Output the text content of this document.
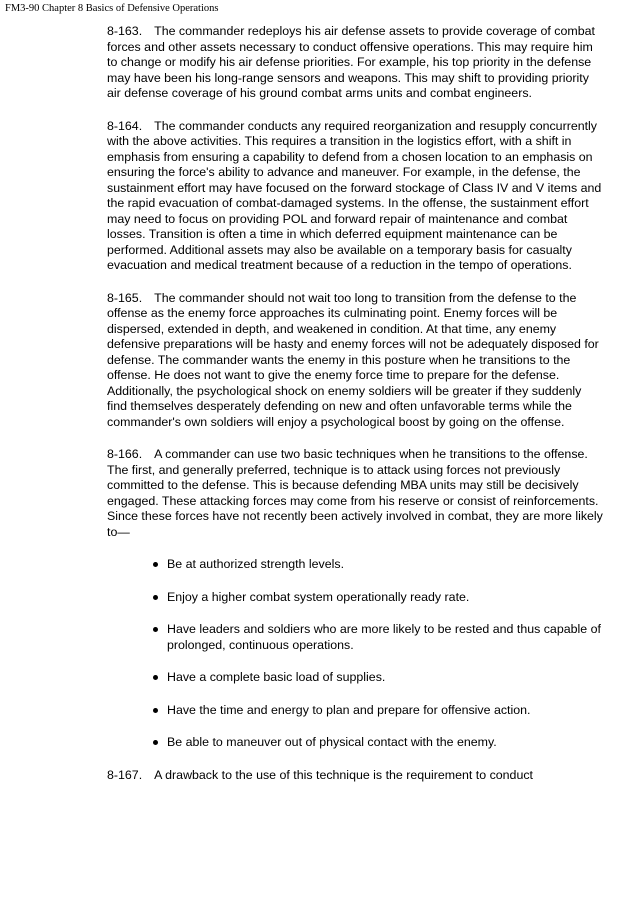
FM3-90 Chapter 8 Basics of Defensive Operations

8-163. The commander redeploys his air defense assets to provide coverage of combat forces and other assets necessary to conduct offensive operations. This may require him to change or modify his air defense priorities. For example, his top priority in the defense may have been his long-range sensors and weapons. This may shift to providing priority air defense coverage of his ground combat arms units and combat engineers.

8-164. The commander conducts any required reorganization and resupply concurrently with the above activities. This requires a transition in the logistics effort, with a shift in emphasis from ensuring a capability to defend from a chosen location to an emphasis on ensuring the force's ability to advance and maneuver. For example, in the defense, the sustainment effort may have focused on the forward stockage of Class IV and V items and the rapid evacuation of combat-damaged systems. In the offense, the sustainment effort may need to focus on providing POL and forward repair of maintenance and combat losses. Transition is often a time in which deferred equipment maintenance can be performed. Additional assets may also be available on a temporary basis for casualty evacuation and medical treatment because of a reduction in the tempo of operations.

8-165. The commander should not wait too long to transition from the defense to the offense as the enemy force approaches its culminating point. Enemy forces will be dispersed, extended in depth, and weakened in condition. At that time, any enemy defensive preparations will be hasty and enemy forces will not be adequately disposed for defense. The commander wants the enemy in this posture when he transitions to the offense. He does not want to give the enemy force time to prepare for the defense. Additionally, the psychological shock on enemy soldiers will be greater if they suddenly find themselves desperately defending on new and often unfavorable terms while the commander's own soldiers will enjoy a psychological boost by going on the offense.

8-166. A commander can use two basic techniques when he transitions to the offense. The first, and generally preferred, technique is to attack using forces not previously committed to the defense. This is because defending MBA units may still be decisively engaged. These attacking forces may come from his reserve or consist of reinforcements. Since these forces have not recently been actively involved in combat, they are more likely to—

Be at authorized strength levels.
Enjoy a higher combat system operationally ready rate.
Have leaders and soldiers who are more likely to be rested and thus capable of prolonged, continuous operations.
Have a complete basic load of supplies.
Have the time and energy to plan and prepare for offensive action.
Be able to maneuver out of physical contact with the enemy.

8-167. A drawback to the use of this technique is the requirement to conduct
